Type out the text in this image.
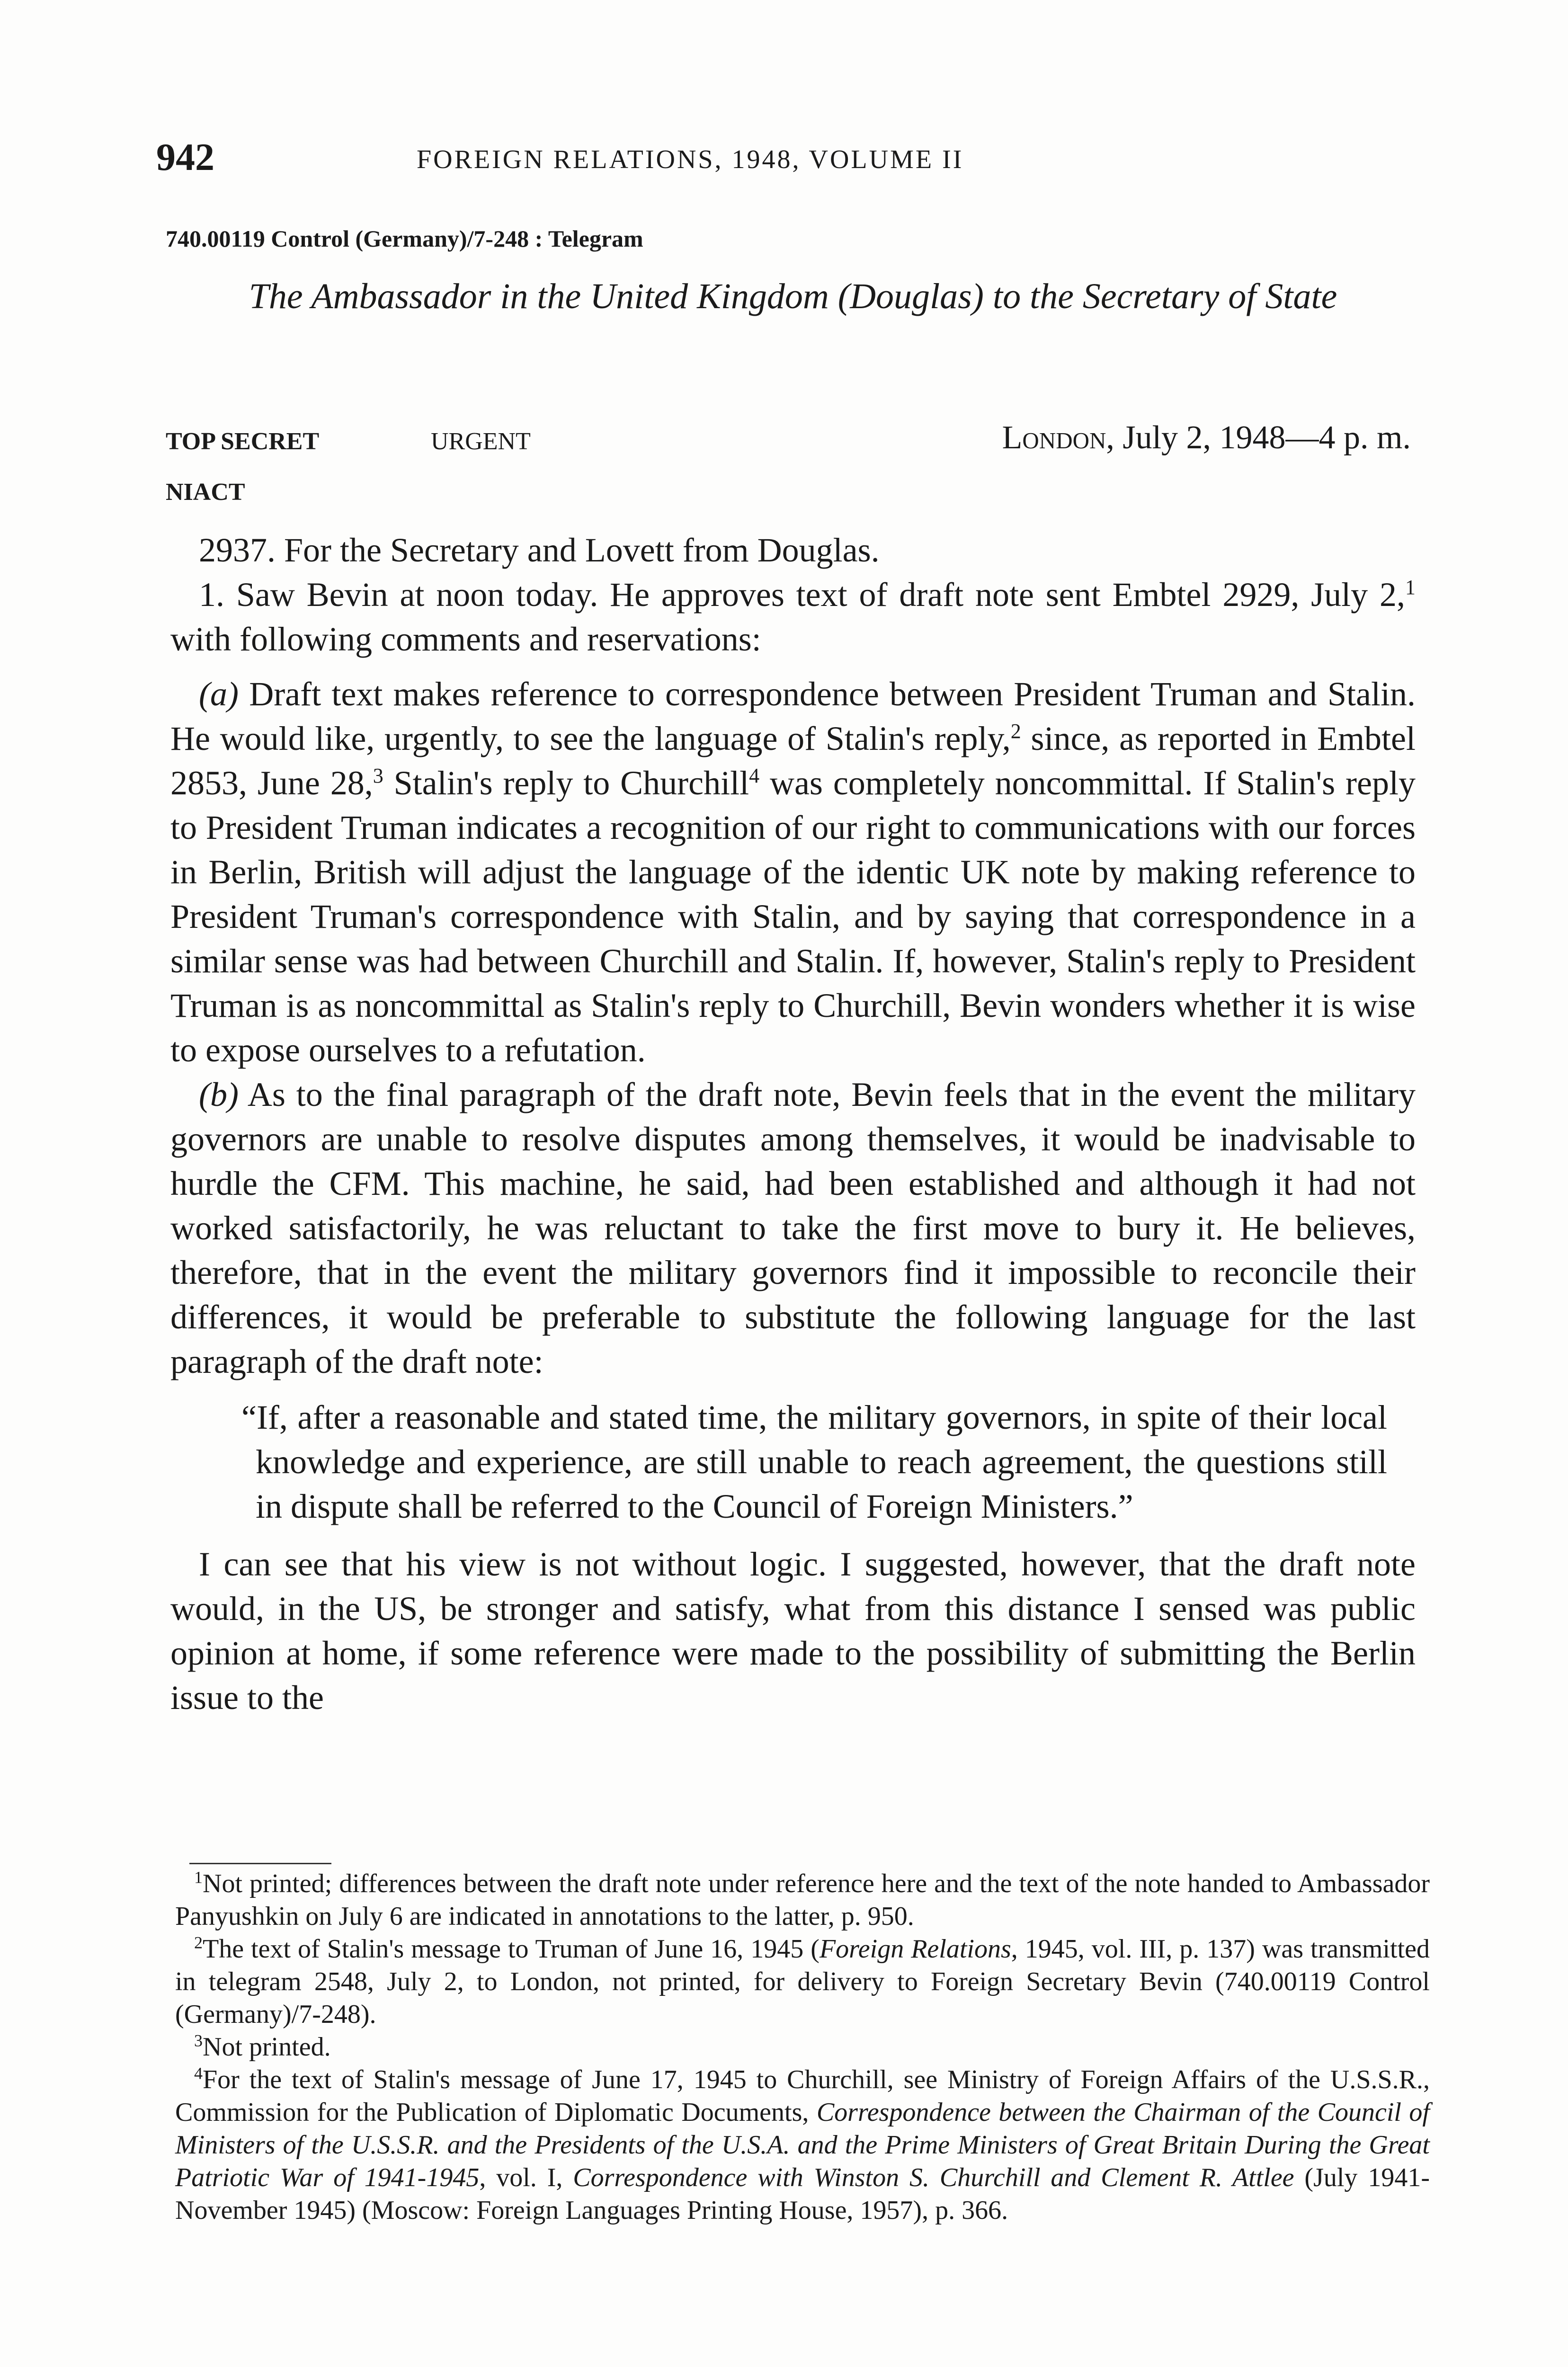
942	FOREIGN RELATIONS, 1948, VOLUME II
740.00119 Control (Germany)/7-248 : Telegram
The Ambassador in the United Kingdom (Douglas) to the Secretary of State
TOP SECRET	URGENT	London, July 2, 1948—4 p. m.
NIACT

2937. For the Secretary and Lovett from Douglas.

1. Saw Bevin at noon today. He approves text of draft note sent Embtel 2929, July 2,$^1$ with following comments and reservations:

(a) Draft text makes reference to correspondence between President Truman and Stalin. He would like, urgently, to see the language of Stalin's reply,$^2$ since, as reported in Embtel 2853, June 28,$^3$ Stalin's reply to Churchill$^4$ was completely noncommittal. If Stalin's reply to President Truman indicates a recognition of our right to communications with our forces in Berlin, British will adjust the language of the identic UK note by making reference to President Truman's correspondence with Stalin, and by saying that correspondence in a similar sense was had between Churchill and Stalin. If, however, Stalin's reply to President Truman is as noncommittal as Stalin's reply to Churchill, Bevin wonders whether it is wise to expose ourselves to a refutation.

(b) As to the final paragraph of the draft note, Bevin feels that in the event the military governors are unable to resolve disputes among themselves, it would be inadvisable to hurdle the CFM. This machine, he said, had been established and although it had not worked satisfactorily, he was reluctant to take the first move to bury it. He believes, therefore, that in the event the military governors find it impossible to reconcile their differences, it would be preferable to substitute the following language for the last paragraph of the draft note:

“If, after a reasonable and stated time, the military governors, in spite of their local knowledge and experience, are still unable to reach agreement, the questions still in dispute shall be referred to the Council of Foreign Ministers.”

I can see that his view is not without logic. I suggested, however, that the draft note would, in the US, be stronger and satisfy, what from this distance I sensed was public opinion at home, if some reference were made to the possibility of submitting the Berlin issue to the

$^1$Not printed; differences between the draft note under reference here and the text of the note handed to Ambassador Panyushkin on July 6 are indicated in annotations to the latter, p. 950.

$^2$The text of Stalin's message to Truman of June 16, 1945 (Foreign Relations, 1945, vol. III, p. 137) was transmitted in telegram 2548, July 2, to London, not printed, for delivery to Foreign Secretary Bevin (740.00119 Control (Germany)/7-248).

$^3$Not printed.

$^4$For the text of Stalin's message of June 17, 1945 to Churchill, see Ministry of Foreign Affairs of the U.S.S.R., Commission for the Publication of Diplomatic Documents, Correspondence between the Chairman of the Council of Ministers of the U.S.S.R. and the Presidents of the U.S.A. and the Prime Ministers of Great Britain During the Great Patriotic War of 1941-1945, vol. I, Correspondence with Winston S. Churchill and Clement R. Attlee (July 1941-November 1945) (Moscow: Foreign Languages Printing House, 1957), p. 366.
